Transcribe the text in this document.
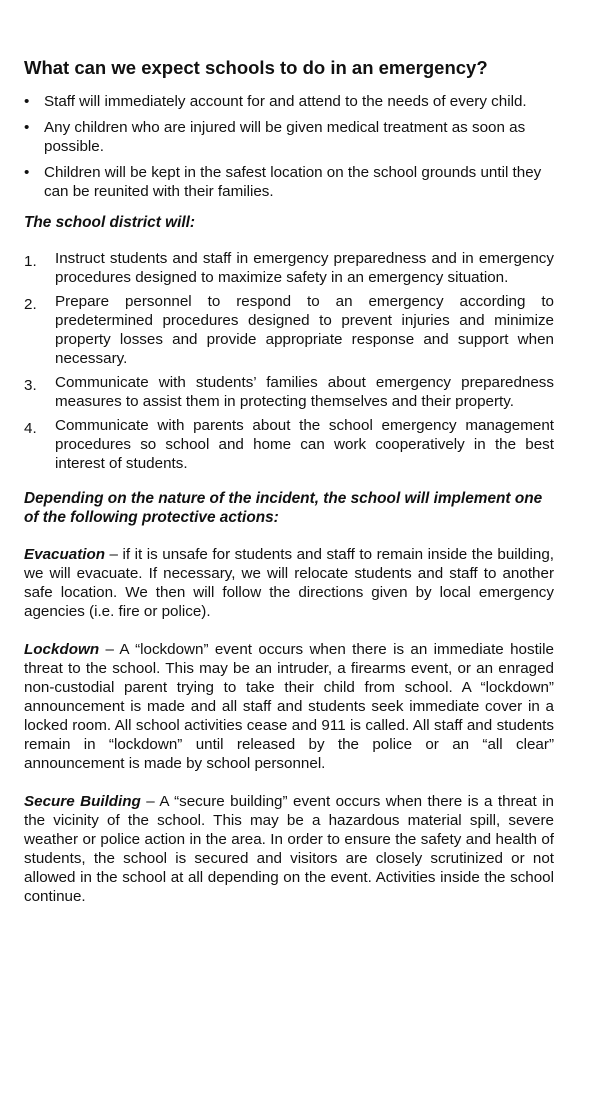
What can we expect schools to do in an emergency?
• Staff will immediately account for and attend to the needs of every child.
• Any children who are injured will be given medical treatment as soon as possible.
• Children will be kept in the safest location on the school grounds until they can be reunited with their families.
The school district will:
1. Instruct students and staff in emergency preparedness and in emergency procedures designed to maximize safety in an emergency situation.
2. Prepare personnel to respond to an emergency according to predetermined procedures designed to prevent injuries and minimize property losses and provide appropriate response and support when necessary.
3. Communicate with students’ families about emergency preparedness measures to assist them in protecting themselves and their property.
4. Communicate with parents about the school emergency management procedures so school and home can work cooperatively in the best interest of students.
Depending on the nature of the incident, the school will implement one of the following protective actions:

Evacuation – if it is unsafe for students and staff to remain inside the building, we will evacuate. If necessary, we will relocate students and staff to another safe location. We then will follow the directions given by local emergency agencies (i.e. fire or police).

Lockdown – A “lockdown” event occurs when there is an immediate hostile threat to the school. This may be an intruder, a firearms event, or an enraged non-custodial parent trying to take their child from school. A “lockdown” announcement is made and all staff and students seek immediate cover in a locked room. All school activities cease and 911 is called. All staff and students remain in “lockdown” until released by the police or an “all clear” announcement is made by school personnel.

Secure Building – A “secure building” event occurs when there is a threat in the vicinity of the school. This may be a hazardous material spill, severe weather or police action in the area. In order to ensure the safety and health of students, the school is secured and visitors are closely scrutinized or not allowed in the school at all depending on the event. Activities inside the school continue.
